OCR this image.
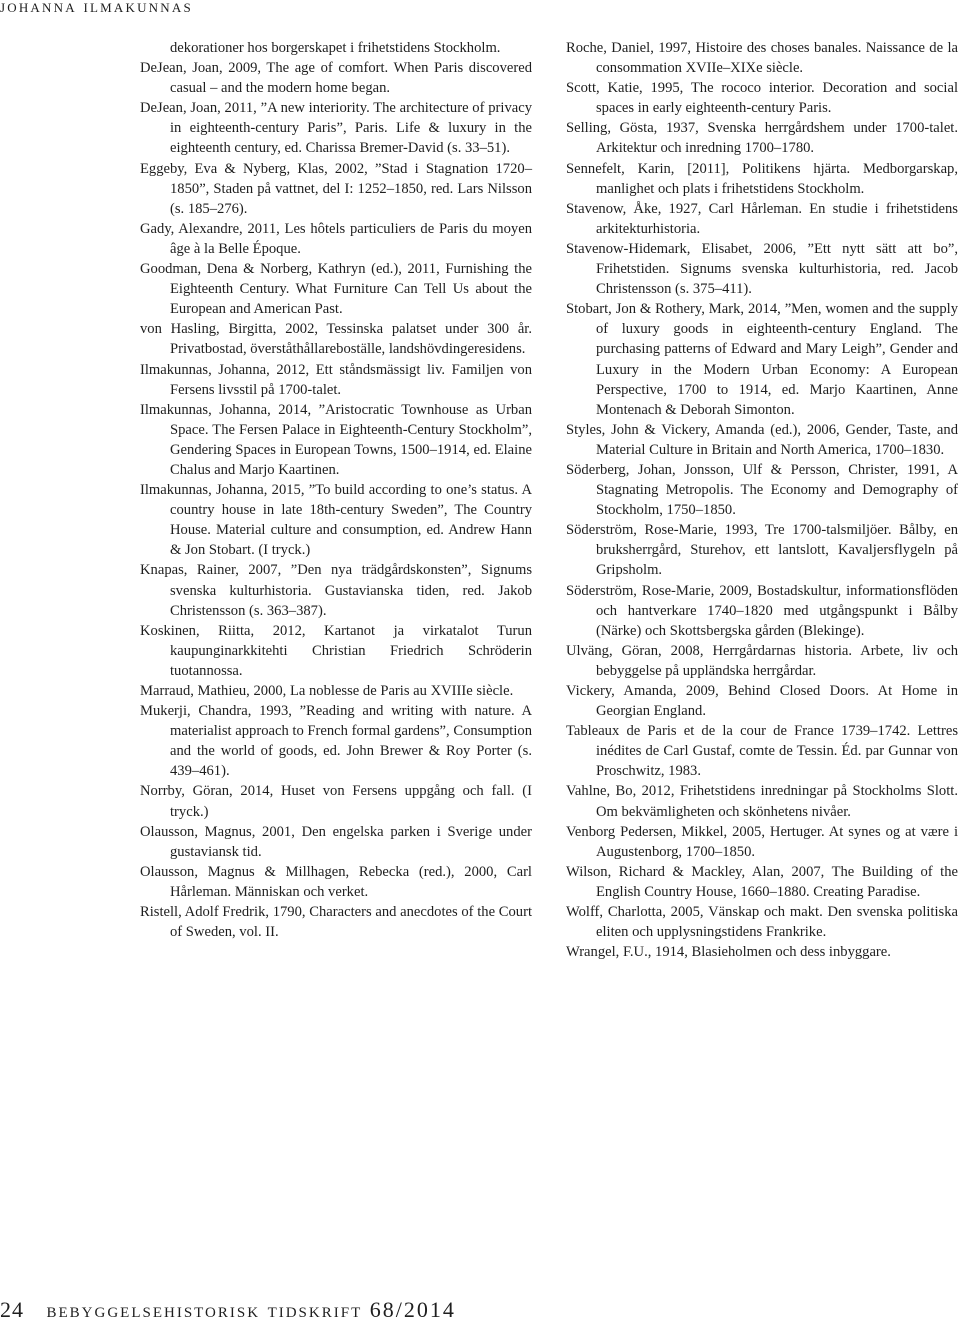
johanna ilmakunnas

dekorationer hos borgerskapet i frihetstidens Stockholm.

DeJean, Joan, 2009, The age of comfort. When Paris discovered casual – and the modern home began.

DeJean, Joan, 2011, ”A new interiority. The architecture of privacy in eighteenth-century Paris”, Paris. Life & luxury in the eighteenth century, ed. Charissa Bremer-David (s. 33–51).

Eggeby, Eva & Nyberg, Klas, 2002, ”Stad i Stagnation 1720–1850”, Staden på vattnet, del I: 1252–1850, red. Lars Nilsson (s. 185–276).

Gady, Alexandre, 2011, Les hôtels particuliers de Paris du moyen âge à la Belle Époque.

Goodman, Dena & Norberg, Kathryn (ed.), 2011, Furnishing the Eighteenth Century. What Furniture Can Tell Us about the European and American Past.

von Hasling, Birgitta, 2002, Tessinska palatset under 300 år. Privatbostad, överståthållareboställe, landshövdingeresidens.

Ilmakunnas, Johanna, 2012, Ett ståndsmässigt liv. Familjen von Fersens livsstil på 1700-talet.

Ilmakunnas, Johanna, 2014, ”Aristocratic Townhouse as Urban Space. The Fersen Palace in Eighteenth-Century Stockholm”, Gendering Spaces in European Towns, 1500–1914, ed. Elaine Chalus and Marjo Kaartinen.

Ilmakunnas, Johanna, 2015, ”To build according to one’s status. A country house in late 18th-century Sweden”, The Country House. Material culture and consumption, ed. Andrew Hann & Jon Stobart. (I tryck.)

Knapas, Rainer, 2007, ”Den nya trädgårdskonsten”, Signums svenska kulturhistoria. Gustavianska tiden, red. Jakob Christensson (s. 363–387).

Koskinen, Riitta, 2012, Kartanot ja virkatalot Turun kaupunginarkkitehti Christian Friedrich Schröderin tuotannossa.

Marraud, Mathieu, 2000, La noblesse de Paris au XVIIIe siècle.

Mukerji, Chandra, 1993, ”Reading and writing with nature. A materialist approach to French formal gardens”, Consumption and the world of goods, ed. John Brewer & Roy Porter (s. 439–461).

Norrby, Göran, 2014, Huset von Fersens uppgång och fall. (I tryck.)

Olausson, Magnus, 2001, Den engelska parken i Sverige under gustaviansk tid.

Olausson, Magnus & Millhagen, Rebecka (red.), 2000, Carl Hårleman. Människan och verket.

Ristell, Adolf Fredrik, 1790, Characters and anecdotes of the Court of Sweden, vol. II.

Roche, Daniel, 1997, Histoire des choses banales. Naissance de la consommation XVIIe–XIXe siècle.

Scott, Katie, 1995, The rococo interior. Decoration and social spaces in early eighteenth-century Paris.

Selling, Gösta, 1937, Svenska herrgårdshem under 1700-talet. Arkitektur och inredning 1700–1780.

Sennefelt, Karin, [2011], Politikens hjärta. Medborgarskap, manlighet och plats i frihetstidens Stockholm.

Stavenow, Åke, 1927, Carl Hårleman. En studie i frihetstidens arkitekturhistoria.

Stavenow-Hidemark, Elisabet, 2006, ”Ett nytt sätt att bo”, Frihetstiden. Signums svenska kulturhistoria, red. Jacob Christensson (s. 375–411).

Stobart, Jon & Rothery, Mark, 2014, ”Men, women and the supply of luxury goods in eighteenth-century England. The purchasing patterns of Edward and Mary Leigh”, Gender and Luxury in the Modern Urban Economy: A European Perspective, 1700 to 1914, ed. Marjo Kaartinen, Anne Montenach & Deborah Simonton.

Styles, John & Vickery, Amanda (ed.), 2006, Gender, Taste, and Material Culture in Britain and North America, 1700–1830.

Söderberg, Johan, Jonsson, Ulf & Persson, Christer, 1991, A Stagnating Metropolis. The Economy and Demography of Stockholm, 1750–1850.

Söderström, Rose-Marie, 1993, Tre 1700-talsmiljöer. Bålby, en bruksherrgård, Sturehov, ett lantslott, Kavaljersflygeln på Gripsholm.

Söderström, Rose-Marie, 2009, Bostadskultur, informationsflöden och hantverkare 1740–1820 med utgångspunkt i Bålby (Närke) och Skottsbergska gården (Blekinge).

Ulväng, Göran, 2008, Herrgårdarnas historia. Arbete, liv och bebyggelse på uppländska herrgårdar.

Vickery, Amanda, 2009, Behind Closed Doors. At Home in Georgian England.

Tableaux de Paris et de la cour de France 1739–1742. Lettres inédites de Carl Gustaf, comte de Tessin. Éd. par Gunnar von Proschwitz, 1983.

Vahlne, Bo, 2012, Frihetstidens inredningar på Stockholms Slott. Om bekvämligheten och skönhetens nivåer.

Venborg Pedersen, Mikkel, 2005, Hertuger. At synes og at være i Augustenborg, 1700–1850.

Wilson, Richard & Mackley, Alan, 2007, The Building of the English Country House, 1660–1880. Creating Paradise.

Wolff, Charlotta, 2005, Vänskap och makt. Den svenska politiska eliten och upplysningstidens Frankrike.

Wrangel, F.U., 1914, Blasieholmen och dess inbyggare.

24 bebyggelsehistorisk tidskrift 68/2014
